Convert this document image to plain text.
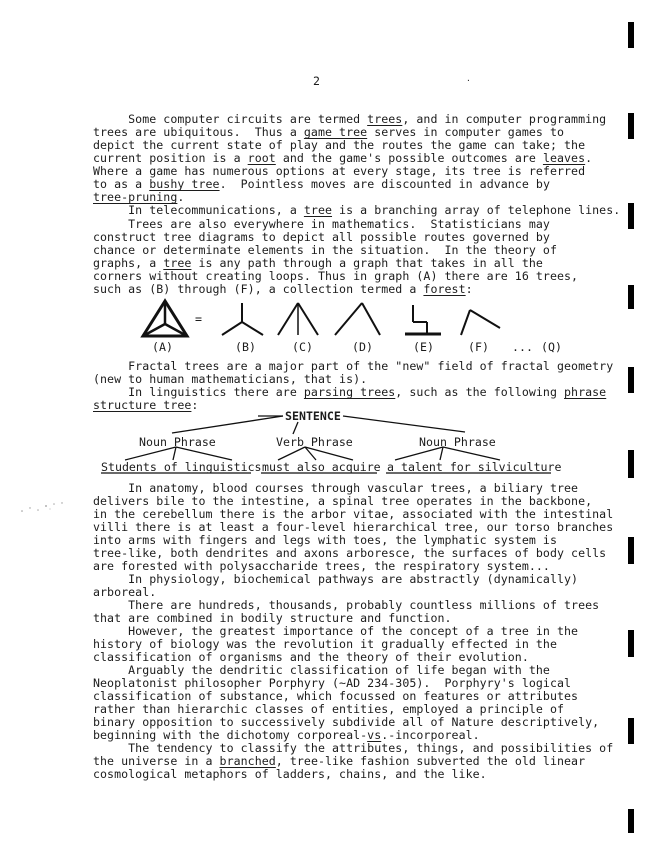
2	.
Some computer circuits are termed trees, and in computer programming
trees are ubiquitous.  Thus a game tree serves in computer games to
depict the current state of play and the routes the game can take; the
current position is a root and the game's possible outcomes are leaves.
Where a game has numerous options at every stage, its tree is referred
to as a bushy tree.  Pointless moves are discounted in advance by
tree-pruning.
In telecommunications, a tree is a branching array of telephone lines.
Trees are also everywhere in mathematics.  Statisticians may
construct tree diagrams to depict all possible routes governed by
chance or determinate elements in the situation.  In the theory of
graphs, a tree is any path through a graph that takes in all the
corners without creating loops. Thus in graph (A) there are 16 trees,
such as (B) through (F), a collection termed a forest:
(A)
=
(B)	(C)	(D)	(E)	(F) ... (Q)
Fractal trees are a major part of the "new" field of fractal geometry
(new to human mathematicians, that is).
In linguistics there are parsing trees, such as the following phrase
structure tree:
SENTENCE
Noun Phrase	Verb Phrase	Noun Phrase
Students of linguistics must also acquire a talent for silviculture
In anatomy, blood courses through vascular trees, a biliary tree
delivers bile to the intestine, a spinal tree operates in the backbone,
in the cerebellum there is the arbor vitae, associated with the intestinal
villi there is at least a four-level hierarchical tree, our torso branches
into arms with fingers and legs with toes, the lymphatic system is
tree-like, both dendrites and axons arboresce, the surfaces of body cells
are forested with polysaccharide trees, the respiratory system...
In physiology, biochemical pathways are abstractly (dynamically)
arboreal.
There are hundreds, thousands, probably countless millions of trees
that are combined in bodily structure and function.
However, the greatest importance of the concept of a tree in the
history of biology was the revolution it gradually effected in the
classification of organisms and the theory of their evolution.
Arguably the dendritic classification of life began with the
Neoplatonist philosopher Porphyry (~AD 234-305).  Porphyry's logical
classification of substance, which focussed on features or attributes
rather than hierarchic classes of entities, employed a principle of
binary opposition to successively subdivide all of Nature descriptively,
beginning with the dichotomy corporeal-vs.-incorporeal.
The tendency to classify the attributes, things, and possibilities of
the universe in a branched, tree-like fashion subverted the old linear
cosmological metaphors of ladders, chains, and the like.
